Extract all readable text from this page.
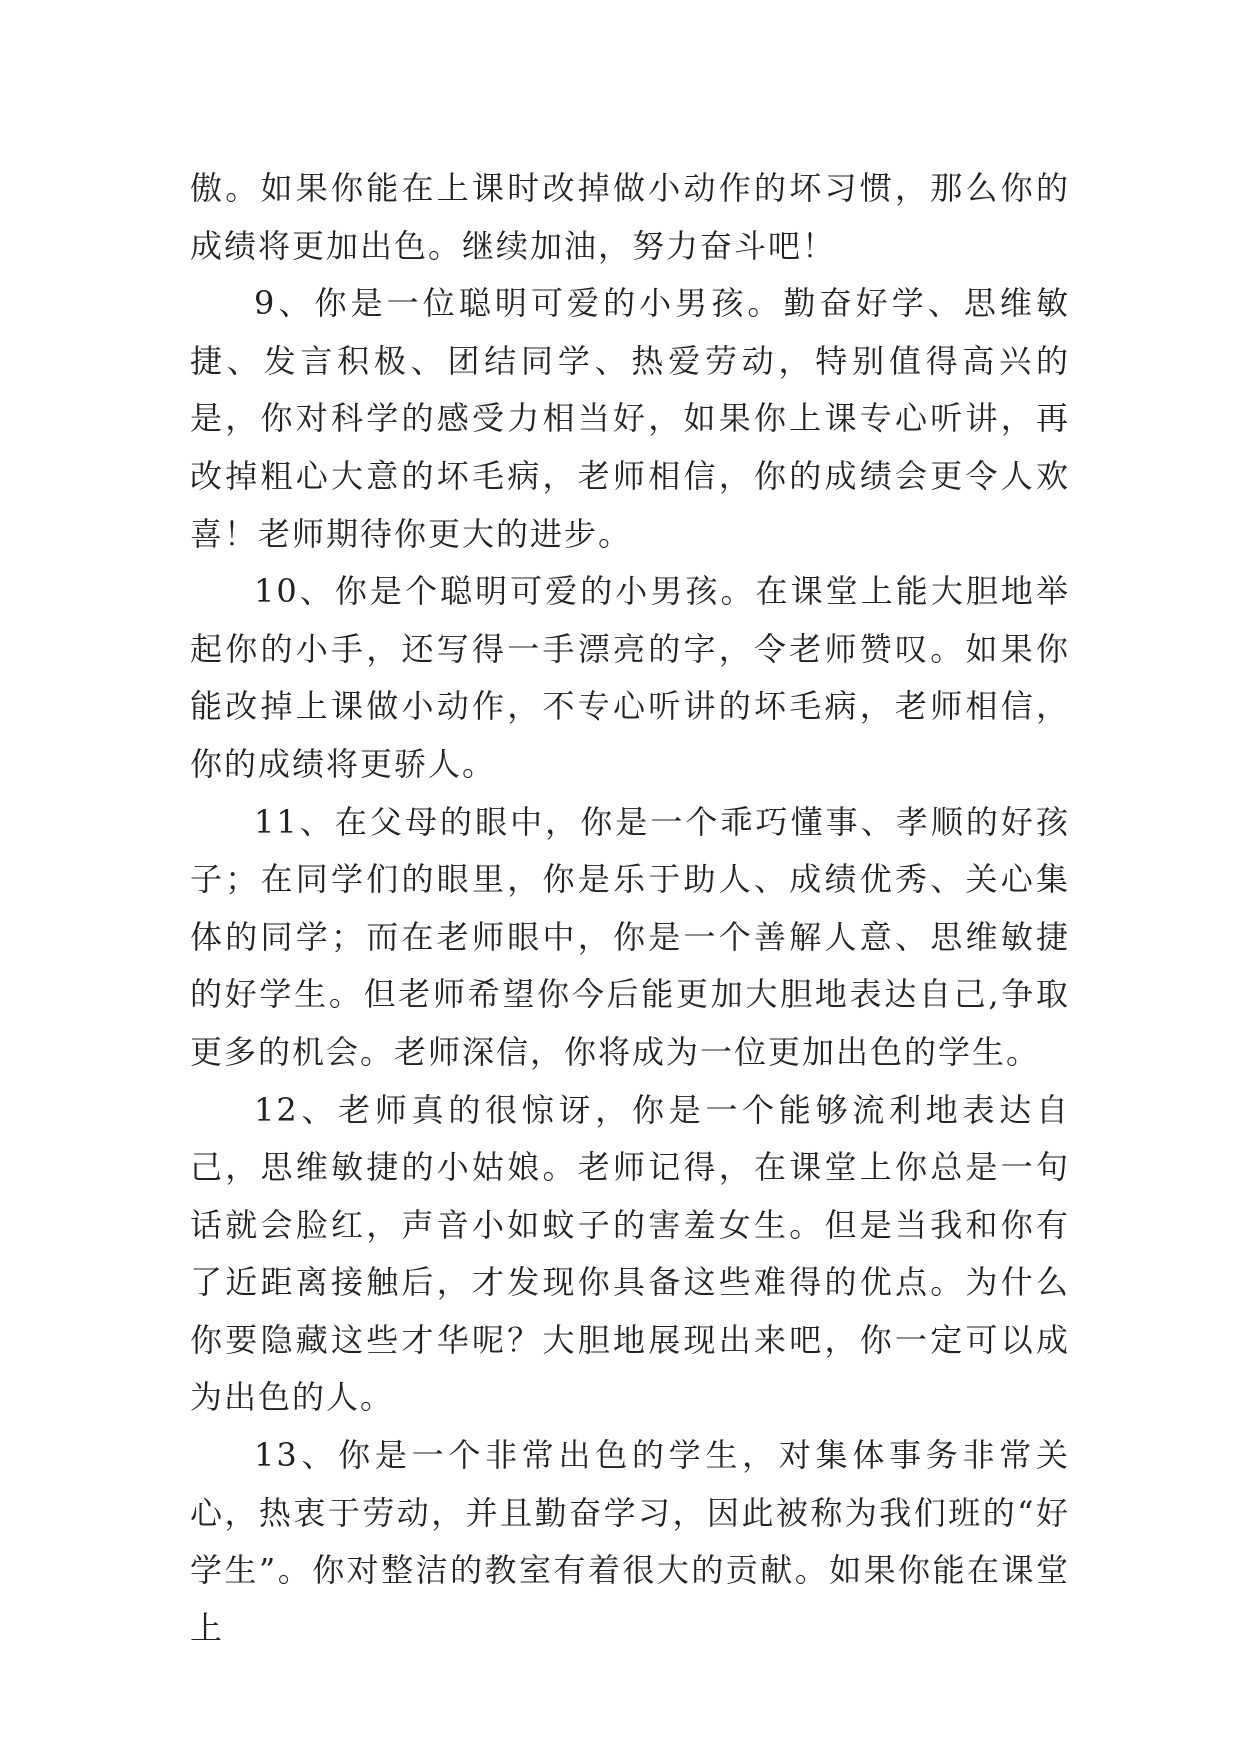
傲。如果你能在上课时改掉做小动作的坏习惯，那么你的成绩将更加出色。继续加油，努力奋斗吧！

9、你是一位聪明可爱的小男孩。勤奋好学、思维敏捷、发言积极、团结同学、热爱劳动，特别值得高兴的是，你对科学的感受力相当好，如果你上课专心听讲，再改掉粗心大意的坏毛病，老师相信，你的成绩会更令人欢喜！老师期待你更大的进步。

10、你是个聪明可爱的小男孩。在课堂上能大胆地举起你的小手，还写得一手漂亮的字，令老师赞叹。如果你能改掉上课做小动作，不专心听讲的坏毛病，老师相信，你的成绩将更骄人。

11、在父母的眼中，你是一个乖巧懂事、孝顺的好孩子；在同学们的眼里，你是乐于助人、成绩优秀、关心集体的同学；而在老师眼中，你是一个善解人意、思维敏捷的好学生。但老师希望你今后能更加大胆地表达自己,争取更多的机会。老师深信，你将成为一位更加出色的学生。

12、老师真的很惊讶，你是一个能够流利地表达自己，思维敏捷的小姑娘。老师记得，在课堂上你总是一句话就会脸红，声音小如蚊子的害羞女生。但是当我和你有了近距离接触后，才发现你具备这些难得的优点。为什么你要隐藏这些才华呢？大胆地展现出来吧，你一定可以成为出色的人。

13、你是一个非常出色的学生，对集体事务非常关心，热衷于劳动，并且勤奋学习，因此被称为我们班的“好学生”。你对整洁的教室有着很大的贡献。如果你能在课堂上
